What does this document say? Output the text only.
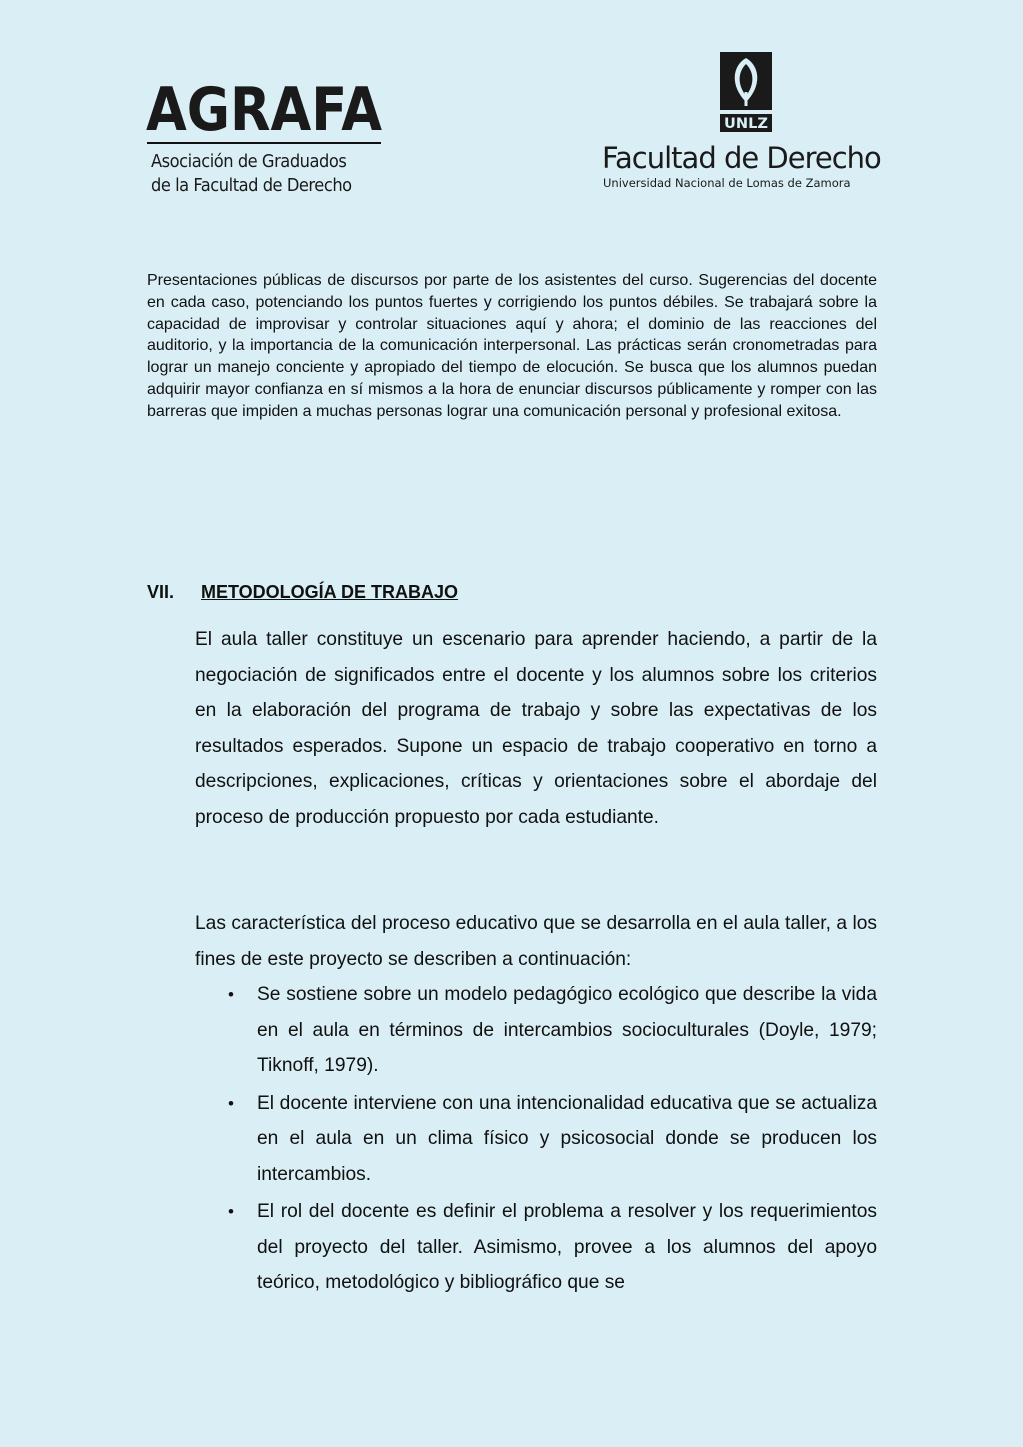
AGRAFA
Asociación de Graduados
de la Facultad de Derecho
UNLZ
Facultad de Derecho
Universidad Nacional de Lomas de Zamora

Presentaciones públicas de discursos por parte de los asistentes del curso. Sugerencias del docente en cada caso, potenciando los puntos fuertes y corrigiendo los puntos débiles. Se trabajará sobre la capacidad de improvisar y controlar situaciones aquí y ahora; el dominio de las reacciones del auditorio, y la importancia de la comunicación interpersonal. Las prácticas serán cronometradas para lograr un manejo conciente y apropiado del tiempo de elocución. Se busca que los alumnos puedan adquirir mayor confianza en sí mismos a la hora de enunciar discursos públicamente y romper con las barreras que impiden a muchas personas lograr una comunicación personal y profesional exitosa.

VII. METODOLOGÍA DE TRABAJO

El aula taller constituye un escenario para aprender haciendo, a partir de la negociación de significados entre el docente y los alumnos sobre los criterios en la elaboración del programa de trabajo y sobre las expectativas de los resultados esperados. Supone un espacio de trabajo cooperativo en torno a descripciones, explicaciones, críticas y orientaciones sobre el abordaje del proceso de producción propuesto por cada estudiante.

Las característica del proceso educativo que se desarrolla en el aula taller, a los fines de este proyecto se describen a continuación:

• Se sostiene sobre un modelo pedagógico ecológico que describe la vida en el aula en términos de intercambios socioculturales (Doyle, 1979; Tiknoff, 1979).
• El docente interviene con una intencionalidad educativa que se actualiza en el aula en un clima físico y psicosocial donde se producen los intercambios.
• El rol del docente es definir el problema a resolver y los requerimientos del proyecto del taller. Asimismo, provee a los alumnos del apoyo teórico, metodológico y bibliográfico que se
